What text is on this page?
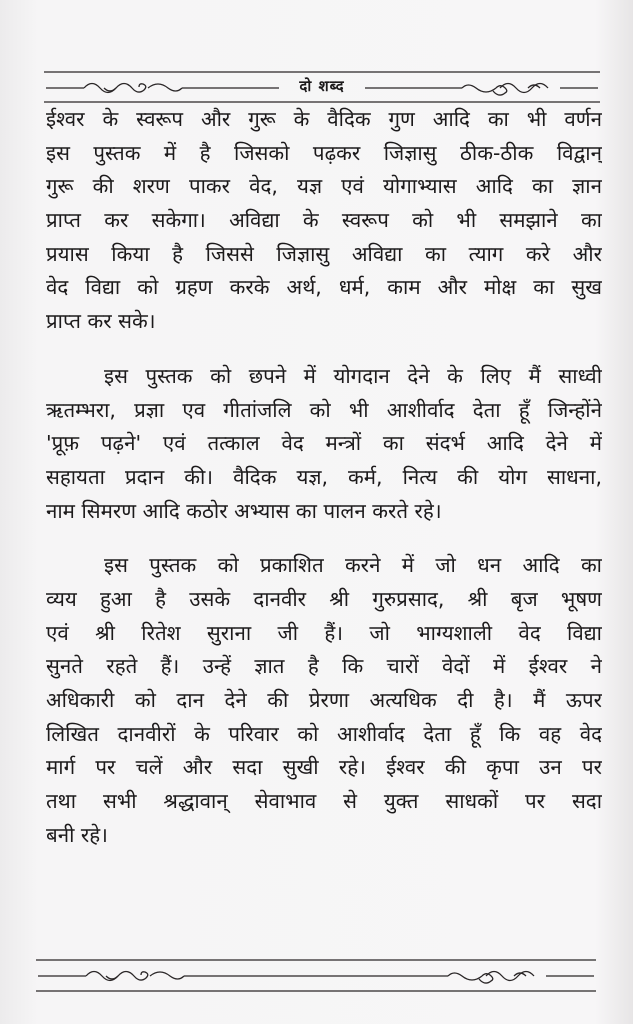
दो शब्द
ईश्वर के स्वरूप और गुरू के वैदिक गुण आदि का भी वर्णन
इस पुस्तक में है जिसको पढ़कर जिज्ञासु ठीक-ठीक विद्वान्
गुरू की शरण पाकर वेद, यज्ञ एवं योगाभ्यास आदि का ज्ञान
प्राप्त कर सकेगा। अविद्या के स्वरूप को भी समझाने का
प्रयास किया है जिससे जिज्ञासु अविद्या का त्याग करे और
वेद विद्या को ग्रहण करके अर्थ, धर्म, काम और मोक्ष का सुख
प्राप्त कर सके।
इस पुस्तक को छपने में योगदान देने के लिए मैं साध्वी
ऋतम्भरा, प्रज्ञा एव गीतांजलि को भी आशीर्वाद देता हूँ जिन्होंने
'प्रूफ़ पढ़ने' एवं तत्काल वेद मन्त्रों का संदर्भ आदि देने में
सहायता प्रदान की। वैदिक यज्ञ, कर्म, नित्य की योग साधना,
नाम सिमरण आदि कठोर अभ्यास का पालन करते रहे।
इस पुस्तक को प्रकाशित करने में जो धन आदि का
व्यय हुआ है उसके दानवीर श्री गुरुप्रसाद, श्री बृज भूषण
एवं श्री रितेश सुराना जी हैं। जो भाग्यशाली वेद विद्या
सुनते रहते हैं। उन्हें ज्ञात है कि चारों वेदों में ईश्वर ने
अधिकारी को दान देने की प्रेरणा अत्यधिक दी है। मैं ऊपर
लिखित दानवीरों के परिवार को आशीर्वाद देता हूँ कि वह वेद
मार्ग पर चलें और सदा सुखी रहे। ईश्वर की कृपा उन पर
तथा सभी श्रद्धावान् सेवाभाव से युक्त साधकों पर सदा
बनी रहे।
